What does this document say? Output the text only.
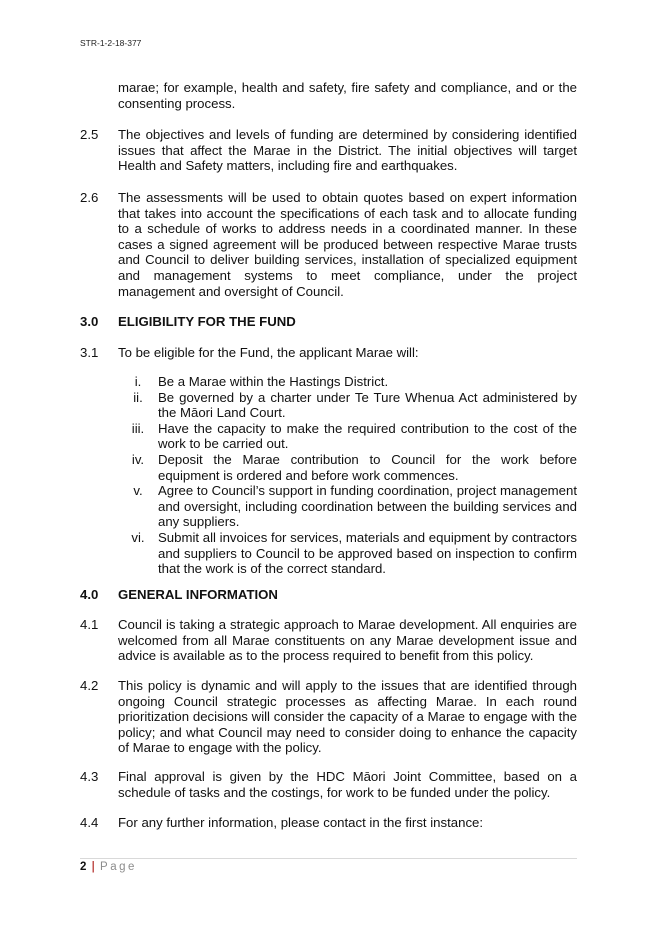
STR-1-2-18-377
marae; for example, health and safety, fire safety and compliance, and or the consenting process.
2.5	The objectives and levels of funding are determined by considering identified issues that affect the Marae in the District. The initial objectives will target Health and Safety matters, including fire and earthquakes.
2.6	The assessments will be used to obtain quotes based on expert information that takes into account the specifications of each task and to allocate funding to a schedule of works to address needs in a coordinated manner. In these cases a signed agreement will be produced between respective Marae trusts and Council to deliver building services, installation of specialized equipment and management systems to meet compliance, under the project management and oversight of Council.
3.0	ELIGIBILITY FOR THE FUND
3.1	To be eligible for the Fund, the applicant Marae will:
i.	Be a Marae within the Hastings District.
ii.	Be governed by a charter under Te Ture Whenua Act administered by the Māori Land Court.
iii.	Have the capacity to make the required contribution to the cost of the work to be carried out.
iv.	Deposit the Marae contribution to Council for the work before equipment is ordered and before work commences.
v.	Agree to Council’s support in funding coordination, project management and oversight, including coordination between the building services and any suppliers.
vi.	Submit all invoices for services, materials and equipment by contractors and suppliers to Council to be approved based on inspection to confirm that the work is of the correct standard.
4.0	GENERAL INFORMATION
4.1	Council is taking a strategic approach to Marae development. All enquiries are welcomed from all Marae constituents on any Marae development issue and advice is available as to the process required to benefit from this policy.
4.2	This policy is dynamic and will apply to the issues that are identified through ongoing Council strategic processes as affecting Marae. In each round prioritization decisions will consider the capacity of a Marae to engage with the policy; and what Council may need to consider doing to enhance the capacity of Marae to engage with the policy.
4.3	Final approval is given by the HDC Māori Joint Committee, based on a schedule of tasks and the costings, for work to be funded under the policy.
4.4	For any further information, please contact in the first instance:
2 | Page
